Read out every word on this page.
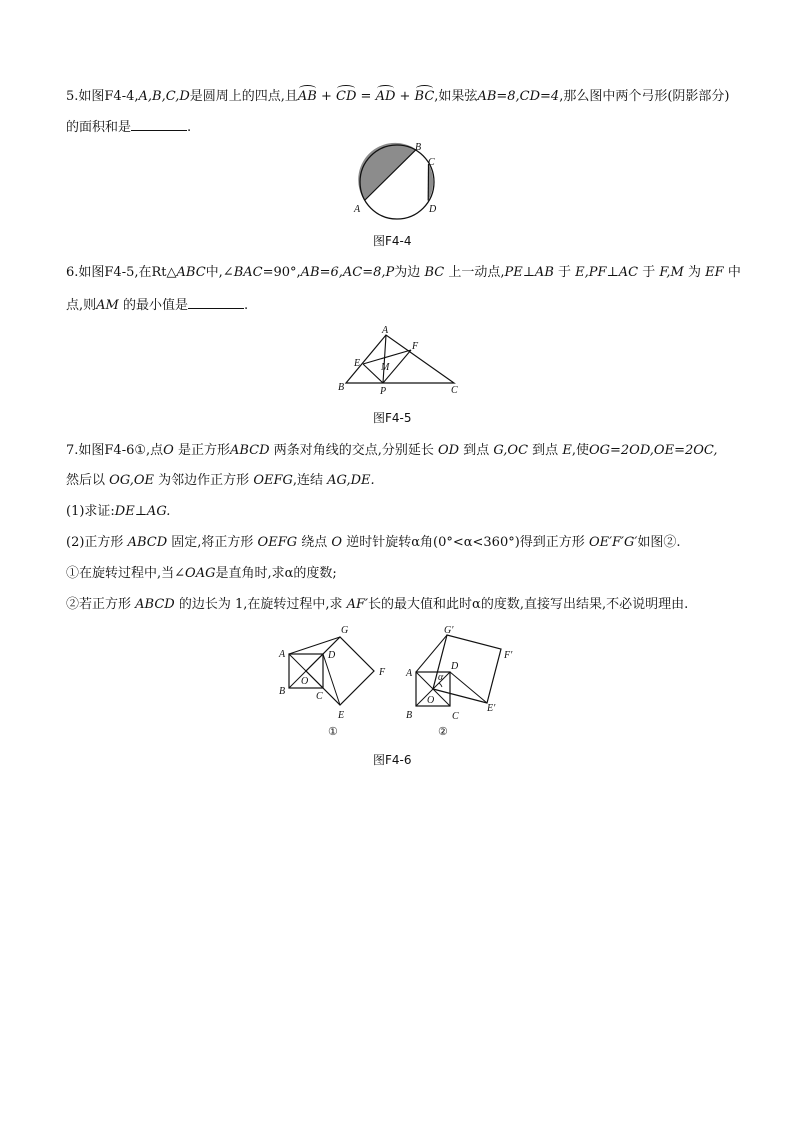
5.如图F4-4,A,B,C,D是圆周上的四点,且AB + CD = AD + BC,如果弦AB=8,CD=4,那么图中两个弓形(阴影部分)
的面积和是	.
A
B
C
D
图F4-4
6.如图F4-5,在Rt△ABC中,∠BAC=90°,AB=6,AC=8,P为边 BC 上一动点,PE⊥AB 于 E,PF⊥AC 于 F,M 为 EF 中
点,则AM 的最小值是	.
A
B	C
E
F
M
P
图F4-5
7.如图F4-6①,点O 是正方形ABCD 两条对角线的交点,分别延长 OD 到点 G,OC 到点 E,使OG=2OD,OE=2OC,
然后以 OG,OE 为邻边作正方形 OEFG,连结 AG,DE.
(1)求证:DE⊥AG.
(2)正方形 ABCD 固定,将正方形 OEFG 绕点 O 逆时针旋转α角(0°<α<360°)得到正方形 OE′F′G′如图②.
①在旋转过程中,当∠OAG是直角时,求α的度数;
②若正方形 ABCD 的边长为 1,在旋转过程中,求 AF′长的最大值和此时α的度数,直接写出结果,不必说明理由.
A
B	C
D
O
G
F
E
①
G′
F′
A
D
α
O
E′
B	C
②
图F4-6
